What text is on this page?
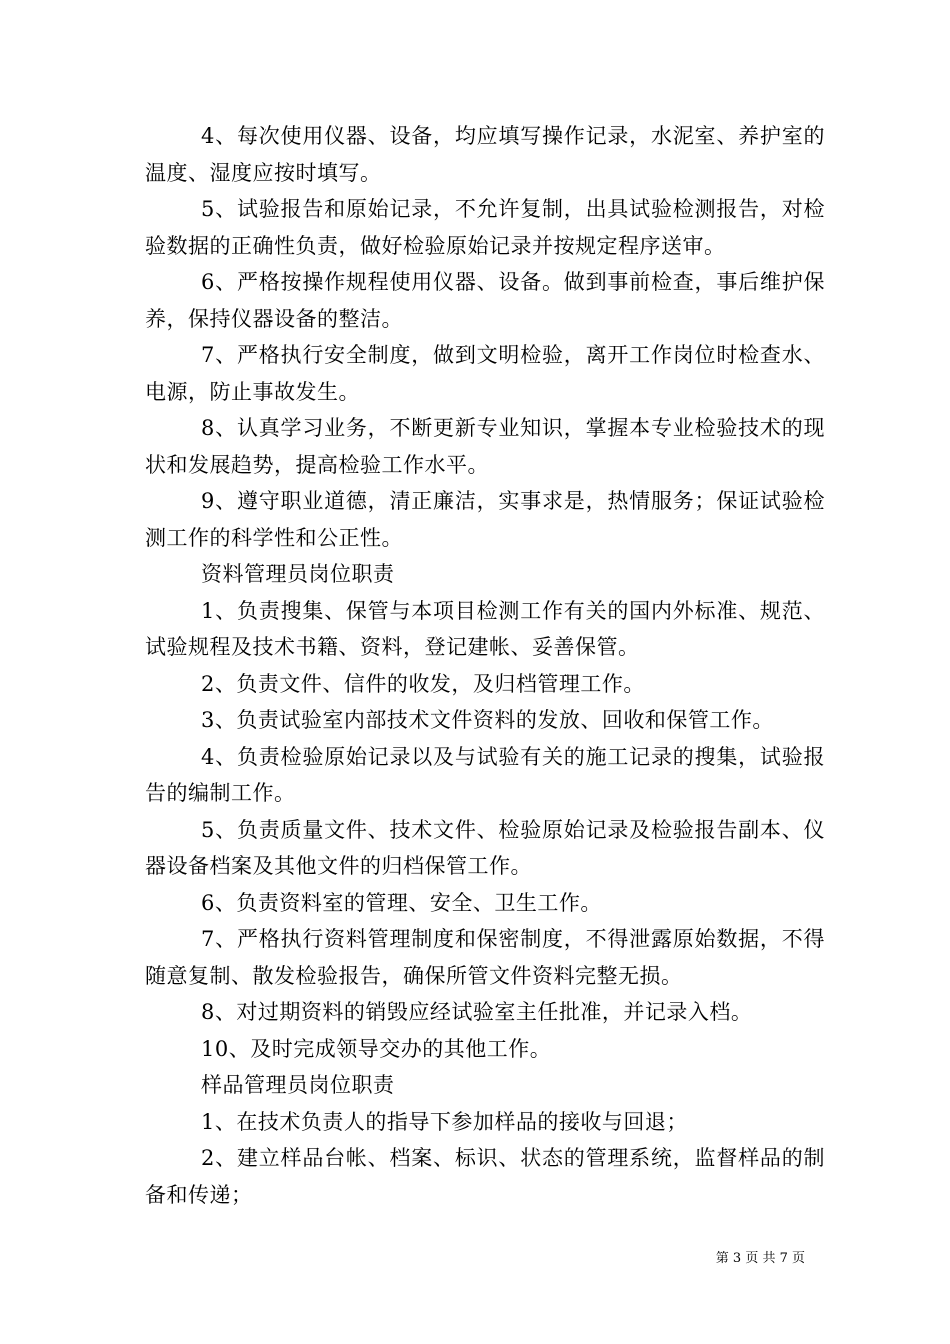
4、每次使用仪器、设备，均应填写操作记录，水泥室、养护室的温度、湿度应按时填写。

5、试验报告和原始记录，不允许复制，出具试验检测报告，对检验数据的正确性负责，做好检验原始记录并按规定程序送审。

6、严格按操作规程使用仪器、设备。做到事前检查，事后维护保养，保持仪器设备的整洁。

7、严格执行安全制度，做到文明检验，离开工作岗位时检查水、电源，防止事故发生。

8、认真学习业务，不断更新专业知识，掌握本专业检验技术的现状和发展趋势，提高检验工作水平。

9、遵守职业道德，清正廉洁，实事求是，热情服务；保证试验检测工作的科学性和公正性。

资料管理员岗位职责

1、负责搜集、保管与本项目检测工作有关的国内外标准、规范、试验规程及技术书籍、资料，登记建帐、妥善保管。

2、负责文件、信件的收发，及归档管理工作。

3、负责试验室内部技术文件资料的发放、回收和保管工作。

4、负责检验原始记录以及与试验有关的施工记录的搜集，试验报告的编制工作。

5、负责质量文件、技术文件、检验原始记录及检验报告副本、仪器设备档案及其他文件的归档保管工作。

6、负责资料室的管理、安全、卫生工作。

7、严格执行资料管理制度和保密制度，不得泄露原始数据，不得随意复制、散发检验报告，确保所管文件资料完整无损。

8、对过期资料的销毁应经试验室主任批准，并记录入档。

10、及时完成领导交办的其他工作。

样品管理员岗位职责

1、在技术负责人的指导下参加样品的接收与回退；

2、建立样品台帐、档案、标识、状态的管理系统，监督样品的制备和传递；

第 3 页 共 7 页
